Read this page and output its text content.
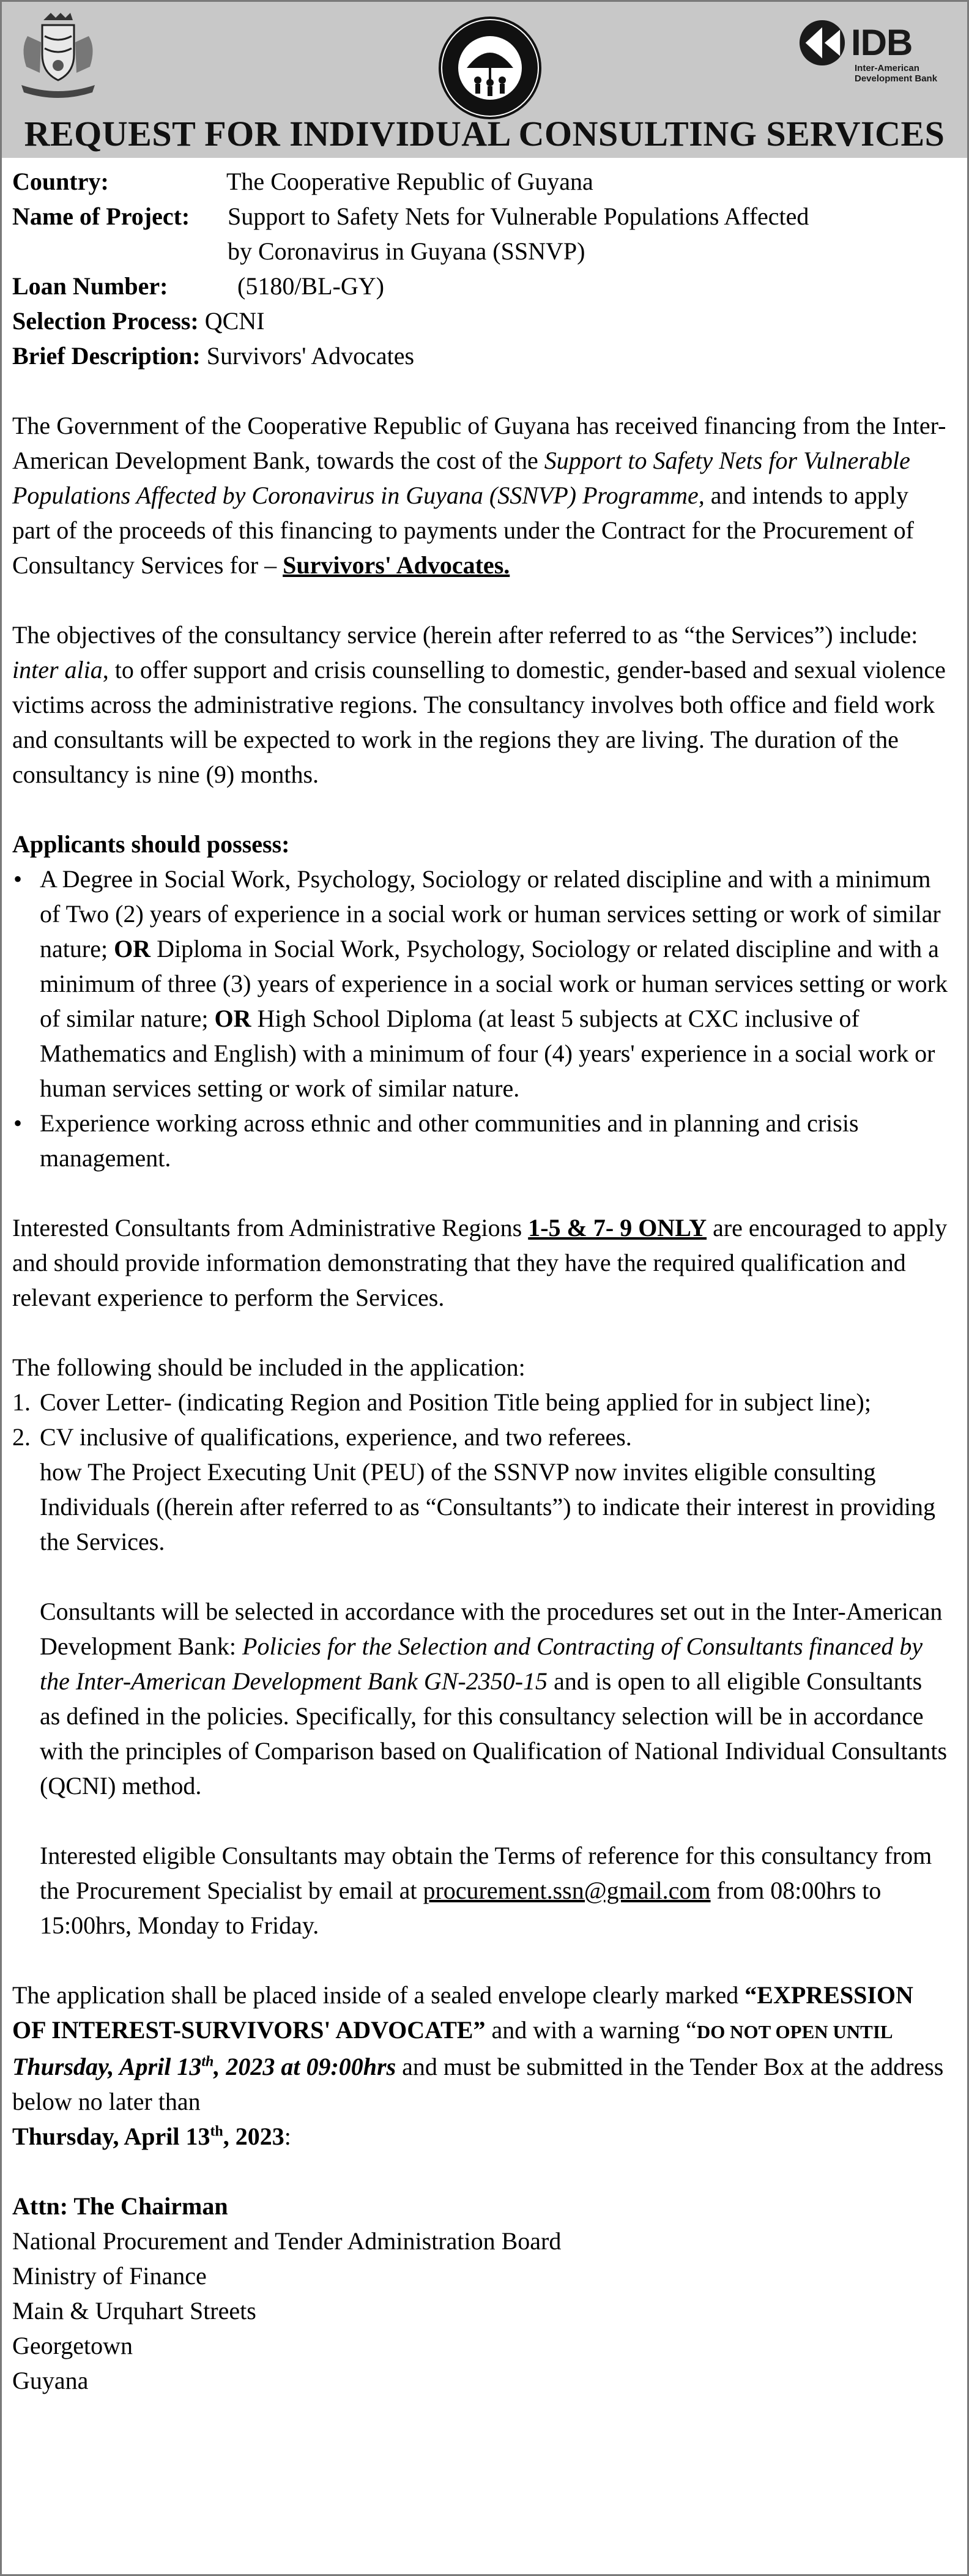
IDB
Inter-American
Development Bank
REQUEST FOR INDIVIDUAL CONSULTING SERVICES
Country:	The Cooperative Republic of Guyana
Name of Project:	Support to Safety Nets for Vulnerable Populations Affected
by Coronavirus in Guyana (SSNVP)
Loan Number:	(5180/BL-GY)
Selection Process:
QCNI
Brief Description:
Survivors' Advocates

The Government of the Cooperative Republic of Guyana has received financing from the Inter-American Development Bank, towards the cost of the Support to Safety Nets for Vulnerable Populations Affected by Coronavirus in Guyana (SSNVP) Programme, and intends to apply part of the proceeds of this financing to payments under the Contract for the Procurement of Consultancy Services for – Survivors' Advocates.

The objectives of the consultancy service (herein after referred to as “the Services”) include: inter alia, to offer support and crisis counselling to domestic, gender-based and sexual violence victims across the administrative regions. The consultancy involves both office and field work and consultants will be expected to work in the regions they are living. The duration of the consultancy is nine (9) months.

Applicants should possess:

• A Degree in Social Work, Psychology, Sociology or related discipline and with a minimum of Two (2) years of experience in a social work or human services setting or work of similar nature; OR Diploma in Social Work, Psychology, Sociology or related discipline and with a minimum of three (3) years of experience in a social work or human services setting or work of similar nature; OR High School Diploma (at least 5 subjects at CXC inclusive of Mathematics and English) with a minimum of four (4) years' experience in a social work or human services setting or work of similar nature.
• Experience working across ethnic and other communities and in planning and crisis management.

Interested Consultants from Administrative Regions 1-5 & 7- 9 ONLY are encouraged to apply and should provide information demonstrating that they have the required qualification and relevant experience to perform the Services.

The following should be included in the application:

1. Cover Letter- (indicating Region and Position Title being applied for in subject line);
2. CV inclusive of qualifications, experience, and two referees.

how The Project Executing Unit (PEU) of the SSNVP now invites eligible consulting Individuals ((herein after referred to as “Consultants”) to indicate their interest in providing the Services.

Consultants will be selected in accordance with the procedures set out in the Inter-American Development Bank: Policies for the Selection and Contracting of Consultants financed by the Inter-American Development Bank GN-2350-15 and is open to all eligible Consultants as defined in the policies. Specifically, for this consultancy selection will be in accordance with the principles of Comparison based on Qualification of National Individual Consultants (QCNI) method.

Interested eligible Consultants may obtain the Terms of reference for this consultancy from the Procurement Specialist by email at procurement.ssn@gmail.com from 08:00hrs to 15:00hrs, Monday to Friday.

The application shall be placed inside of a sealed envelope clearly marked “EXPRESSION OF INTEREST-SURVIVORS' ADVOCATE” and with a warning “DO NOT OPEN UNTIL Thursday, April 13th, 2023 at 09:00hrs and must be submitted in the Tender Box at the address below no later than

Thursday, April 13th, 2023:

Attn: The Chairman

National Procurement and Tender Administration Board

Ministry of Finance

Main & Urquhart Streets

Georgetown

Guyana
